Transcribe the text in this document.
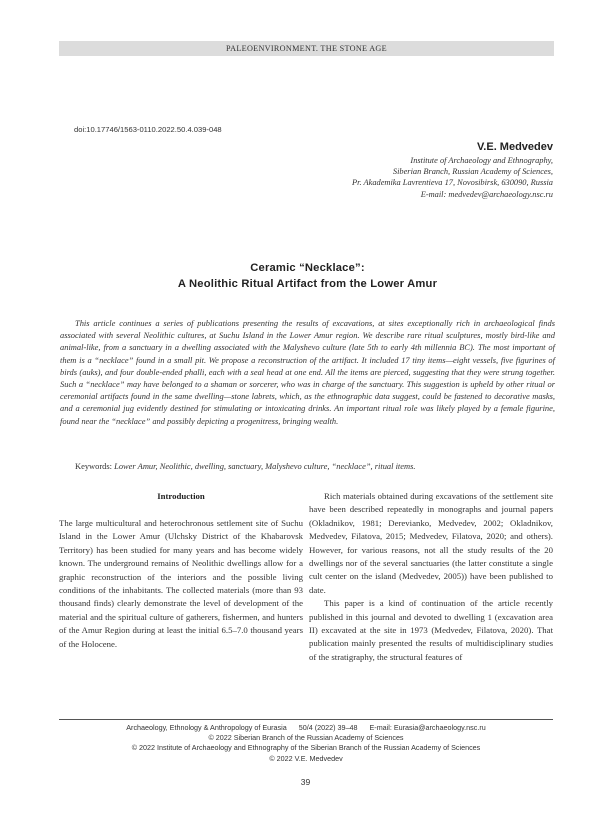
PALEOENVIRONMENT. THE STONE AGE
doi:10.17746/1563-0110.2022.50.4.039-048
V.E. Medvedev
Institute of Archaeology and Ethnography,
Siberian Branch, Russian Academy of Sciences,
Pr. Akademika Lavrentieva 17, Novosibirsk, 630090, Russia
E-mail: medvedev@archaeology.nsc.ru
Ceramic “Necklace”:
A Neolithic Ritual Artifact from the Lower Amur

This article continues a series of publications presenting the results of excavations, at sites exceptionally rich in archaeological finds associated with several Neolithic cultures, at Suchu Island in the Lower Amur region. We describe rare ritual sculptures, mostly bird-like and animal-like, from a sanctuary in a dwelling associated with the Malyshevo culture (late 5th to early 4th millennia BC). The most important of them is a “necklace” found in a small pit. We propose a reconstruction of the artifact. It included 17 tiny items—eight vessels, five figurines of birds (auks), and four double-ended phalli, each with a seal head at one end. All the items are pierced, suggesting that they were strung together. Such a “necklace” may have belonged to a shaman or sorcerer, who was in charge of the sanctuary. This suggestion is upheld by other ritual or ceremonial artifacts found in the same dwelling—stone labrets, which, as the ethnographic data suggest, could be fastened to decorative masks, and a ceremonial jug evidently destined for stimulating or intoxicating drinks. An important ritual role was likely played by a female figurine, found near the “necklace” and possibly depicting a progenitress, bringing wealth.

Keywords: Lower Amur, Neolithic, dwelling, sanctuary, Malyshevo culture, “necklace”, ritual items.
Introduction

The large multicultural and heterochronous settlement site of Suchu Island in the Lower Amur (Ulchsky District of the Khabarovsk Territory) has been studied for many years and has become widely known. The underground remains of Neolithic dwellings allow for a graphic reconstruction of the interiors and the possible living conditions of the inhabitants. The collected materials (more than 93 thousand finds) clearly demonstrate the level of development of the material and the spiritual culture of gatherers, fishermen, and hunters of the Amur Region during at least the initial 6.5–7.0 thousand years of the Holocene.

Rich materials obtained during excavations of the settlement site have been described repeatedly in monographs and journal papers (Okladnikov, 1981; Derevianko, Medvedev, 2002; Okladnikov, Medvedev, Filatova, 2015; Medvedev, Filatova, 2020; and others). However, for various reasons, not all the study results of the 20 dwellings nor of the several sanctuaries (the latter constitute a single cult center on the island (Medvedev, 2005)) have been published to date.

This paper is a kind of continuation of the article recently published in this journal and devoted to dwelling 1 (excavation area II) excavated at the site in 1973 (Medvedev, Filatova, 2020). That publication mainly presented the results of multidisciplinary studies of the stratigraphy, the structural features of

Archaeology, Ethnology & Anthropology of Eurasia 50/4 (2022) 39–48 E-mail: Eurasia@archaeology.nsc.ru
© 2022 Siberian Branch of the Russian Academy of Sciences
© 2022 Institute of Archaeology and Ethnography of the Siberian Branch of the Russian Academy of Sciences
© 2022 V.E. Medvedev
39
